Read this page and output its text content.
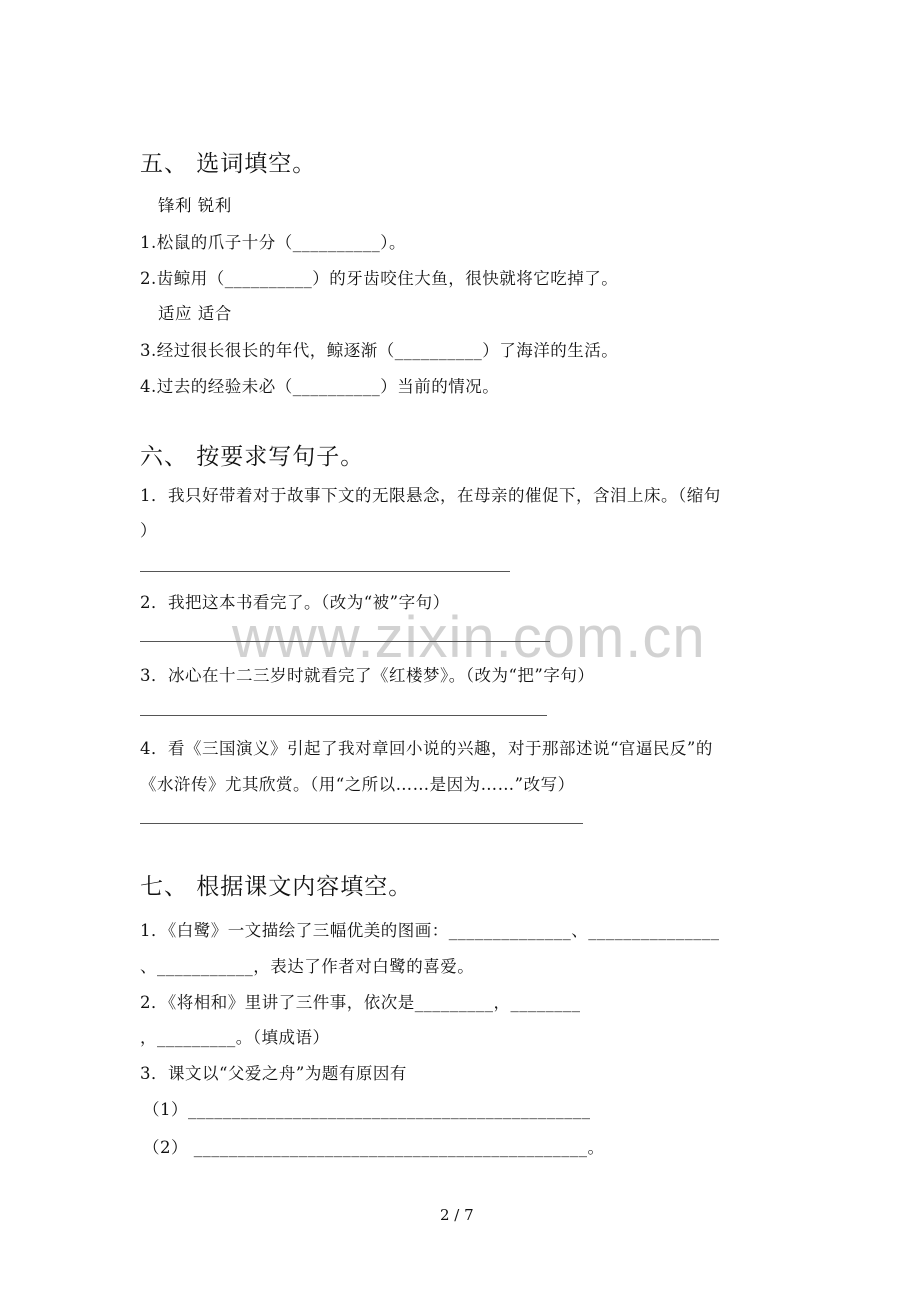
www.zixin.com.cn
五、 选词填空。
锋利 锐利
1.松鼠的爪子十分（__________）。
2.齿鲸用（__________）的牙齿咬住大鱼，很快就将它吃掉了。
适应 适合
3.经过很长很长的年代，鲸逐渐（__________）了海洋的生活。
4.过去的经验未必（__________）当前的情况。
六、 按要求写句子。
1．我只好带着对于故事下文的无限悬念，在母亲的催促下，含泪上床。（缩句
）
2．我把这本书看完了。（改为“被”字句）
3．冰心在十二三岁时就看完了《红楼梦》。（改为“把”字句）
4．看《三国演义》引起了我对章回小说的兴趣，对于那部述说“官逼民反”的
《水浒传》尤其欣赏。（用“之所以……是因为……”改写）
七、 根据课文内容填空。
1．《白鹭》一文描绘了三幅优美的图画：______________、_______________
、___________，表达了作者对白鹭的喜爱。
2．《将相和》里讲了三件事，依次是_________，________
，_________。（填成语）
3．课文以“父爱之舟”为题有原因有
（1）______________________________________________
（2） _____________________________________________。
2 / 7
